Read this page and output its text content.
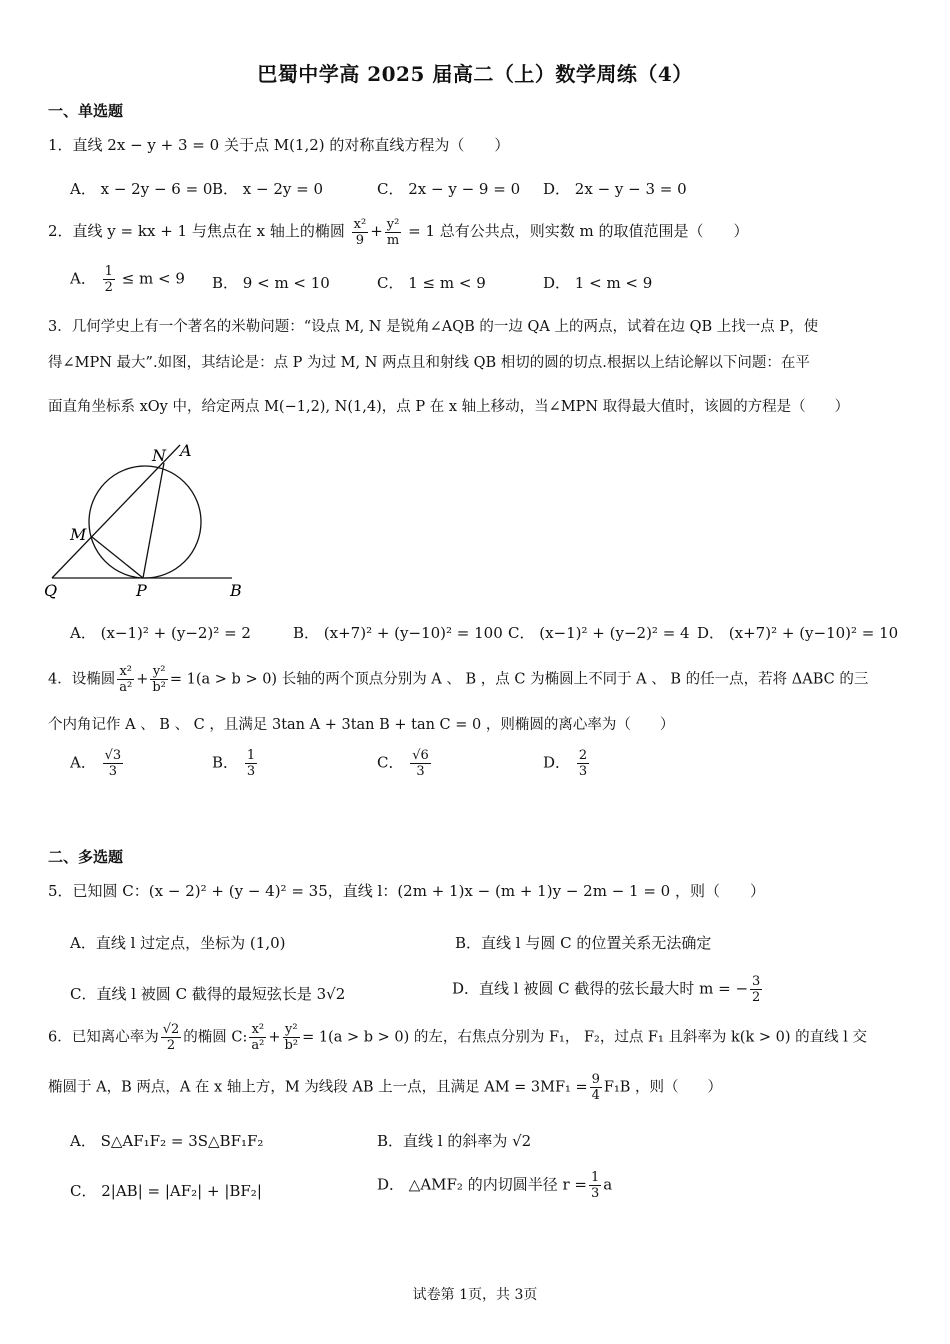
巴蜀中学高 2025 届高二（上）数学周练（4）
一、单选题
1．直线 2x − y + 3 = 0 关于点 M(1,2) 的对称直线方程为（　　）
A． x − 2y − 6 = 0 B． x − 2y = 0	C． 2x − y − 9 = 0 D． 2x − y − 3 = 0
2．直线 y = kx + 1 与焦点在 x 轴上的椭圆 $\frac{\text{x²}}{9} + \frac{\text{y²}}{m} = 1$ 总有公共点，则实数 m 的取值范围是（　　）
A． $\frac{1}{2} \le m < 9$ B． 9 < m < 10	C． 1 ≤ m < 9	D． 1 < m < 9
3．几何学史上有一个著名的米勒问题：“设点 M, N 是锐角∠AQB 的一边 QA 上的两点，试着在边 QB 上找一点 P，使
得∠MPN 最大”.如图，其结论是：点 P 为过 M, N 两点且和射线 QB 相切的圆的切点.根据以上结论解以下问题：在平
面直角坐标系 xOy 中，给定两点 M(−1,2), N(1,4)，点 P 在 x 轴上移动，当∠MPN 取得最大值时，该圆的方程是（　　）
N A
M
Q	P	B
A． (x−1)² + (y−2)² = 2	B． (x+7)² + (y−10)² = 100 C． (x−1)² + (y−2)² = 4 D． (x+7)² + (y−10)² = 10
4．设椭圆 $\frac{\text{x²}}{\text{a²}} + \frac{\text{y²}}{\text{b²}} = 1(a > b > 0)$ 长轴的两个顶点分别为 A 、 B ，点 C 为椭圆上不同于 A 、 B 的任一点，若将 ΔABC 的三
个内角记作 A 、 B 、 C ，且满足 3tan A + 3tan B + tan C = 0 ，则椭圆的离心率为（　　）
A． $\frac{√3}{3}$	B． $\frac{1}{3}$	C． $\frac{√6}{3}$	D． $\frac{2}{3}$
二、多选题
5．已知圆 C：(x − 2)² + (y − 4)² = 35，直线 l：(2m + 1)x − (m + 1)y − 2m − 1 = 0 ，则（　　）
A．直线 l 过定点，坐标为 (1,0)	B．直线 l 与圆 C 的位置关系无法确定
C．直线 l 被圆 C 截得的最短弦长是 3√2	D．直线 l 被圆 C 截得的弦长最大时 m = − $\frac{3}{2}$
6．已知离心率为 $\frac{√2}{2}$ 的椭圆 C: $\frac{\text{x²}}{\text{a²}} + \frac{\text{y²}}{\text{b²}} = 1(a > b > 0)$ 的左，右焦点分别为 F₁， F₂，过点 F₁ 且斜率为 k(k > 0) 的直线 l 交
椭圆于 A，B 两点，A 在 x 轴上方，M 为线段 AB 上一点，且满足 AM = $3MF_1 = \frac{9}{4} F_1B$ ，则（　　）
A． S△AF₁F₂ = 3S△BF₁F₂	B．直线 l 的斜率为 √2
C． 2|AB| = |AF₂| + |BF₂|	D． △AMF₂ 的内切圆半径 $r = \frac{1}{3}$ a
试卷第 1页，共 3页
